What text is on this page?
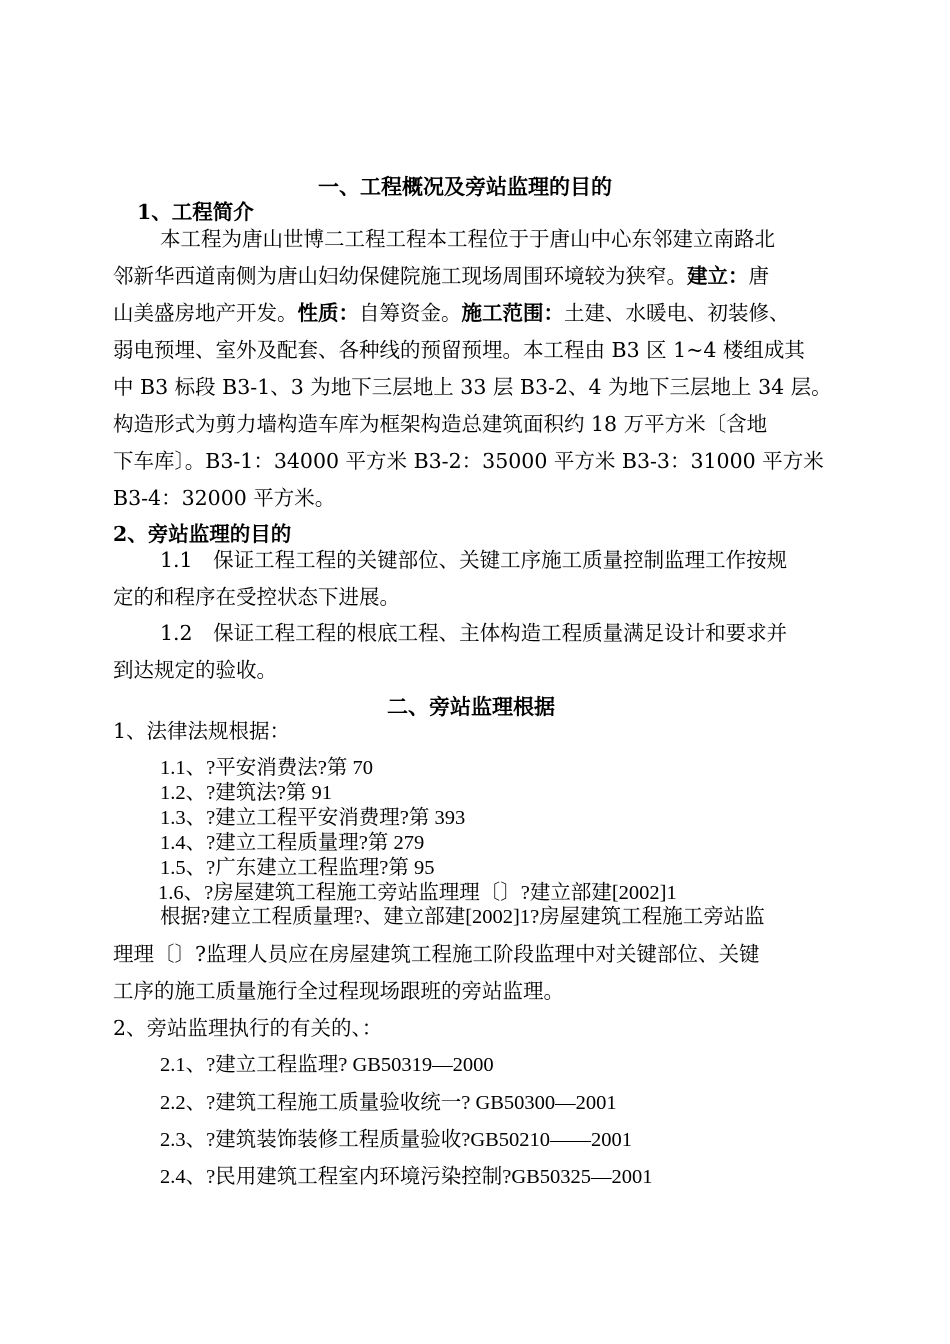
一、工程概况及旁站监理的目的
1、工程简介
本工程为唐山世博二工程工程本工程位于于唐山中心东邻建立南路北
邻新华西道南侧为唐山妇幼保健院施工现场周围环境较为狭窄。建立：唐
山美盛房地产开发。性质：自筹资金。施工范围：土建、水暖电、初装修、
弱电预埋、室外及配套、各种线的预留预埋。本工程由 B3 区 1~4 楼组成其
中 B3 标段 B3-1、3 为地下三层地上 33 层 B3-2、4 为地下三层地上 34 层。
构造形式为剪力墙构造车库为框架构造总建筑面积约 18 万平方米〔含地
下车库〕。B3-1：34000 平方米 B3-2：35000 平方米 B3-3：31000 平方米
B3-4：32000 平方米。
2、旁站监理的目的
1.1　保证工程工程的关键部位、关键工序施工质量控制监理工作按规
定的和程序在受控状态下进展。
1.2　保证工程工程的根底工程、主体构造工程质量满足设计和要求并
到达规定的验收。
二、旁站监理根据
1、法律法规根据：
1.1、?平安消费法?第 70
1.2、?建筑法?第 91
1.3、?建立工程平安消费理?第 393
1.4、?建立工程质量理?第 279
1.5、?广东建立工程监理?第 95
1.6、?房屋建筑工程施工旁站监理理〔〕?建立部建[2002]1
根据?建立工程质量理?、建立部建[2002]1?房屋建筑工程施工旁站监
理理〔〕?监理人员应在房屋建筑工程施工阶段监理中对关键部位、关键
工序的施工质量施行全过程现场跟班的旁站监理。
2、旁站监理执行的有关的、：
2.1、?建立工程监理? GB50319—2000
2.2、?建筑工程施工质量验收统一? GB50300—2001
2.3、?建筑装饰装修工程质量验收?GB50210——2001
2.4、?民用建筑工程室内环境污染控制?GB50325—2001
